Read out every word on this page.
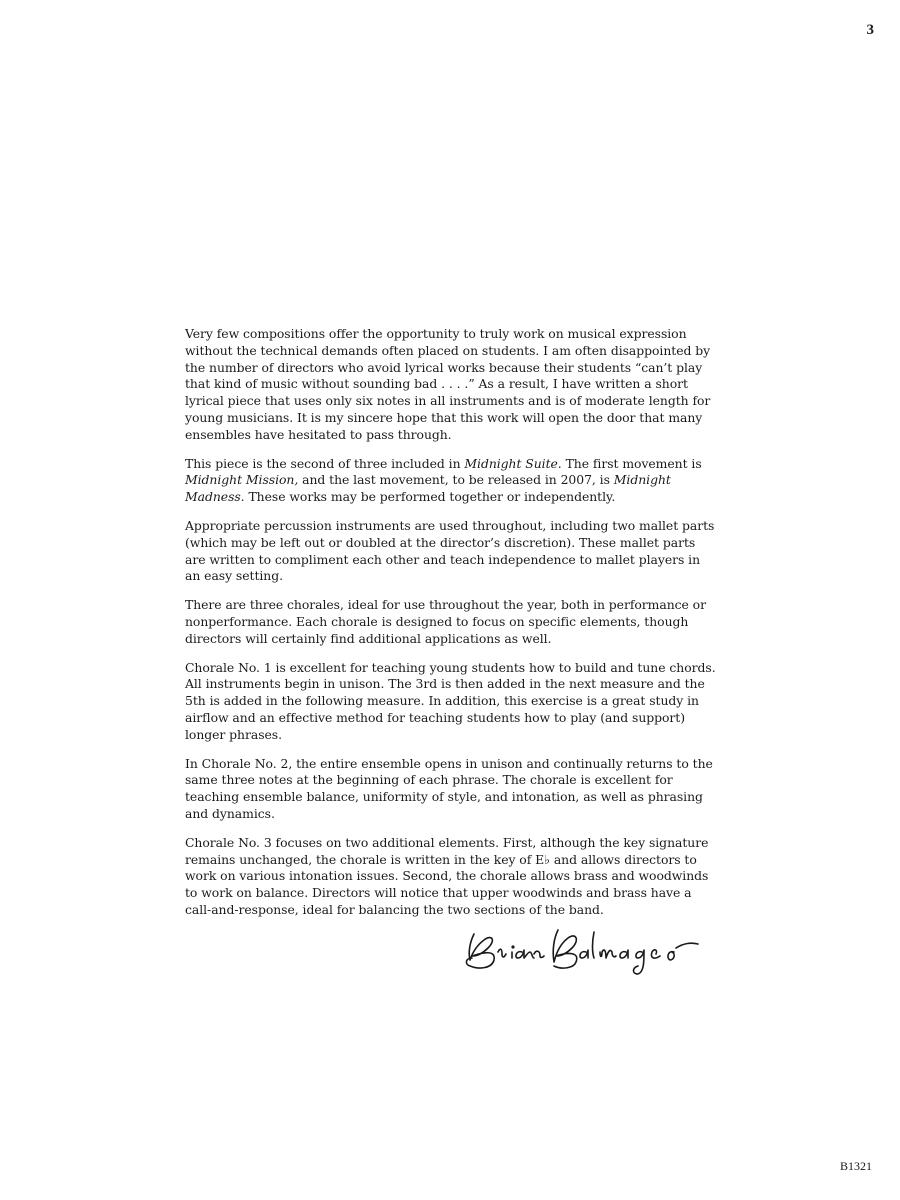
3

Very few compositions offer the opportunity to truly work on musical expression without the technical demands often placed on students. I am often disappointed by the number of directors who avoid lyrical works because their students “can’t play that kind of music without sounding bad . . . .” As a result, I have written a short lyrical piece that uses only six notes in all instruments and is of moderate length for young musicians. It is my sincere hope that this work will open the door that many ensembles have hesitated to pass through.

This piece is the second of three included in Midnight Suite. The first movement is Midnight Mission, and the last movement, to be released in 2007, is Midnight Madness. These works may be performed together or independently.

Appropriate percussion instruments are used throughout, including two mallet parts (which may be left out or doubled at the director’s discretion). These mallet parts are written to compliment each other and teach independence to mallet players in an easy setting.

There are three chorales, ideal for use throughout the year, both in performance or nonperformance. Each chorale is designed to focus on specific elements, though directors will certainly find additional applications as well.

Chorale No. 1 is excellent for teaching young students how to build and tune chords. All instruments begin in unison. The 3rd is then added in the next measure and the 5th is added in the following measure. In addition, this exercise is a great study in airflow and an effective method for teaching students how to play (and support) longer phrases.

In Chorale No. 2, the entire ensemble opens in unison and continually returns to the same three notes at the beginning of each phrase. The chorale is excellent for teaching ensemble balance, uniformity of style, and intonation, as well as phrasing and dynamics.

Chorale No. 3 focuses on two additional elements. First, although the key signature remains unchanged, the chorale is written in the key of E♭ and allows directors to work on various intonation issues. Second, the chorale allows brass and woodwinds to work on balance. Directors will notice that upper woodwinds and brass have a call-and-response, ideal for balancing the two sections of the band.

B1321
